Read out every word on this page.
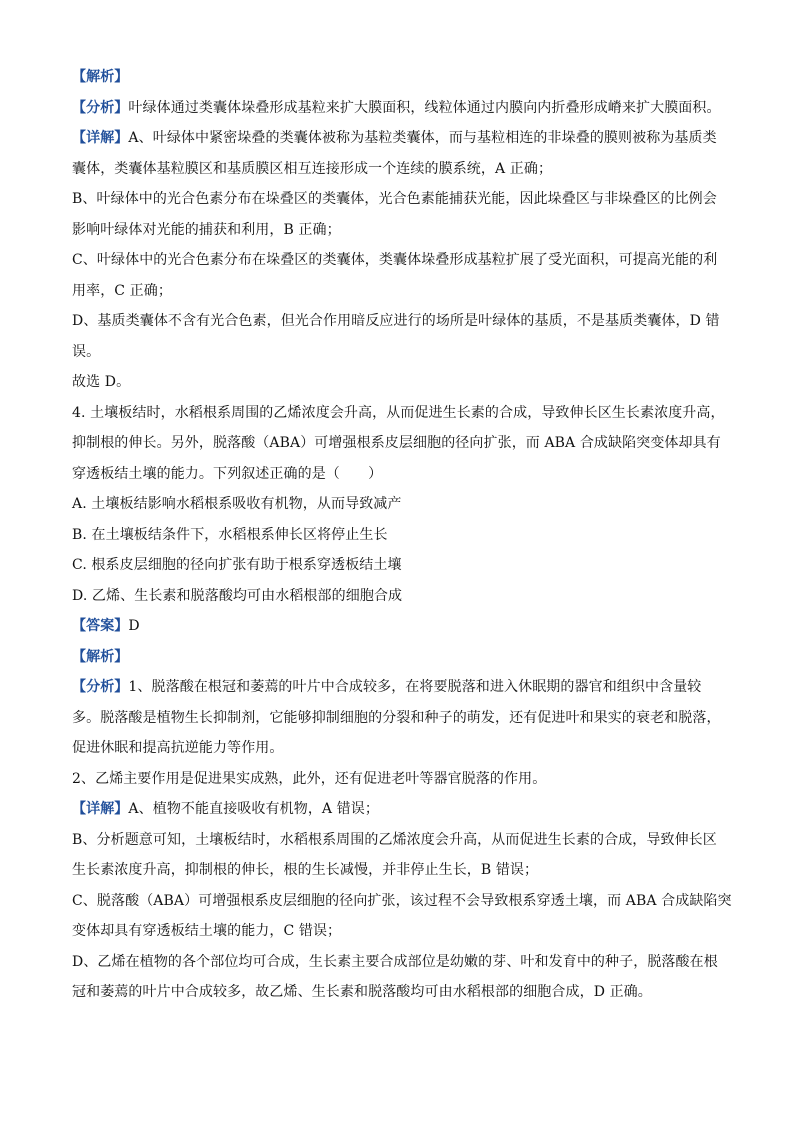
【解析】
【分析】叶绿体通过类囊体垛叠形成基粒来扩大膜面积，线粒体通过内膜向内折叠形成嵴来扩大膜面积。
【详解】A、叶绿体中紧密垛叠的类囊体被称为基粒类囊体，而与基粒相连的非垛叠的膜则被称为基质类
囊体，类囊体基粒膜区和基质膜区相互连接形成一个连续的膜系统，A 正确；
B、叶绿体中的光合色素分布在垛叠区的类囊体，光合色素能捕获光能，因此垛叠区与非垛叠区的比例会
影响叶绿体对光能的捕获和利用，B 正确；
C、叶绿体中的光合色素分布在垛叠区的类囊体，类囊体垛叠形成基粒扩展了受光面积，可提高光能的利
用率，C 正确；
D、基质类囊体不含有光合色素，但光合作用暗反应进行的场所是叶绿体的基质，不是基质类囊体，D 错
误。
故选 D。
4. 土壤板结时，水稻根系周围的乙烯浓度会升高，从而促进生长素的合成，导致伸长区生长素浓度升高，
抑制根的伸长。另外，脱落酸（ABA）可增强根系皮层细胞的径向扩张，而 ABA 合成缺陷突变体却具有
穿透板结土壤的能力。下列叙述正确的是（　　）
A. 土壤板结影响水稻根系吸收有机物，从而导致减产
B. 在土壤板结条件下，水稻根系伸长区将停止生长
C. 根系皮层细胞的径向扩张有助于根系穿透板结土壤
D. 乙烯、生长素和脱落酸均可由水稻根部的细胞合成
【答案】D
【解析】
【分析】1、脱落酸在根冠和萎蔫的叶片中合成较多，在将要脱落和进入休眠期的器官和组织中含量较
多。脱落酸是植物生长抑制剂，它能够抑制细胞的分裂和种子的萌发，还有促进叶和果实的衰老和脱落，
促进休眠和提高抗逆能力等作用。
2、乙烯主要作用是促进果实成熟，此外，还有促进老叶等器官脱落的作用。
【详解】A、植物不能直接吸收有机物，A 错误；
B、分析题意可知，土壤板结时，水稻根系周围的乙烯浓度会升高，从而促进生长素的合成，导致伸长区
生长素浓度升高，抑制根的伸长，根的生长减慢，并非停止生长，B 错误；
C、脱落酸（ABA）可增强根系皮层细胞的径向扩张，该过程不会导致根系穿透土壤，而 ABA 合成缺陷突
变体却具有穿透板结土壤的能力，C 错误；
D、乙烯在植物的各个部位均可合成，生长素主要合成部位是幼嫩的芽、叶和发育中的种子，脱落酸在根
冠和萎蔫的叶片中合成较多，故乙烯、生长素和脱落酸均可由水稻根部的细胞合成，D 正确。
